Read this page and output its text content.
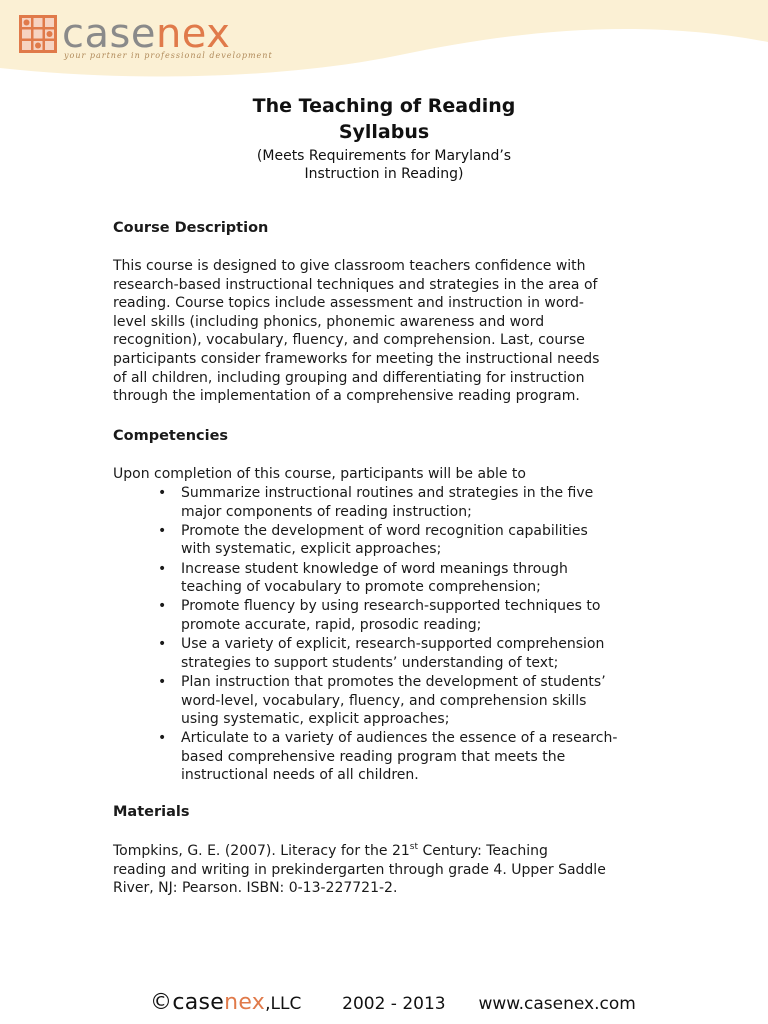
casenex
your partner in professional development
The Teaching of Reading
Syllabus
(Meets Requirements for Maryland’s
Instruction in Reading)
Course Description
This course is designed to give classroom teachers confidence with
research-based instructional techniques and strategies in the area of
reading. Course topics include assessment and instruction in word-
level skills (including phonics, phonemic awareness and word
recognition), vocabulary, fluency, and comprehension. Last, course
participants consider frameworks for meeting the instructional needs
of all children, including grouping and differentiating for instruction
through the implementation of a comprehensive reading program.
Competencies
Upon completion of this course, participants will be able to
• Summarize instructional routines and strategies in the five
major components of reading instruction;
• Promote the development of word recognition capabilities
with systematic, explicit approaches;
• Increase student knowledge of word meanings through
teaching of vocabulary to promote comprehension;
• Promote fluency by using research-supported techniques to
promote accurate, rapid, prosodic reading;
• Use a variety of explicit, research-supported comprehension
strategies to support students’ understanding of text;
• Plan instruction that promotes the development of students’
word-level, vocabulary, fluency, and comprehension skills
using systematic, explicit approaches;
• Articulate to a variety of audiences the essence of a research-
based comprehensive reading program that meets the
instructional needs of all children.
Materials
Tompkins, G. E. (2007). Literacy for the 21st Century: Teaching
reading and writing in prekindergarten through grade 4. Upper Saddle
River, NJ: Pearson. ISBN: 0-13-227721-2.
©casenex,LLC 2002 - 2013 www.casenex.com
